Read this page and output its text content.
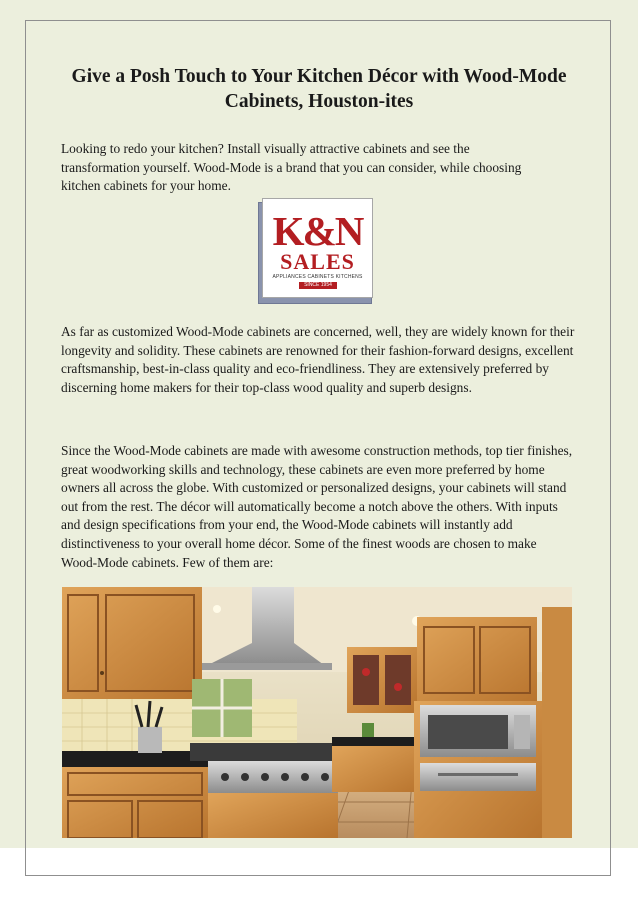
Give a Posh Touch to Your Kitchen Décor with Wood-Mode Cabinets, Houston-ites

Looking to redo your kitchen? Install visually attractive cabinets and see the transformation yourself. Wood-Mode is a brand that you can consider, while choosing kitchen cabinets for your home.

K&N
SALES
APPLIANCES CABINETS KITCHENS
SINCE 1954

As far as customized Wood-Mode cabinets are concerned, well, they are widely known for their longevity and solidity. These cabinets are renowned for their fashion-forward designs, excellent craftsmanship, best-in-class quality and eco-friendliness. They are extensively preferred by discerning home makers for their top-class wood quality and superb designs.

Since the Wood-Mode cabinets are made with awesome construction methods, top tier finishes, great woodworking skills and technology, these cabinets are even more preferred by home owners all across the globe. With customized or personalized designs, your cabinets will stand out from the rest. The décor will automatically become a notch above the others. With inputs and design specifications from your end, the Wood-Mode cabinets will instantly add distinctiveness to your overall home décor. Some of the finest woods are chosen to make Wood-Mode cabinets. Few of them are:
